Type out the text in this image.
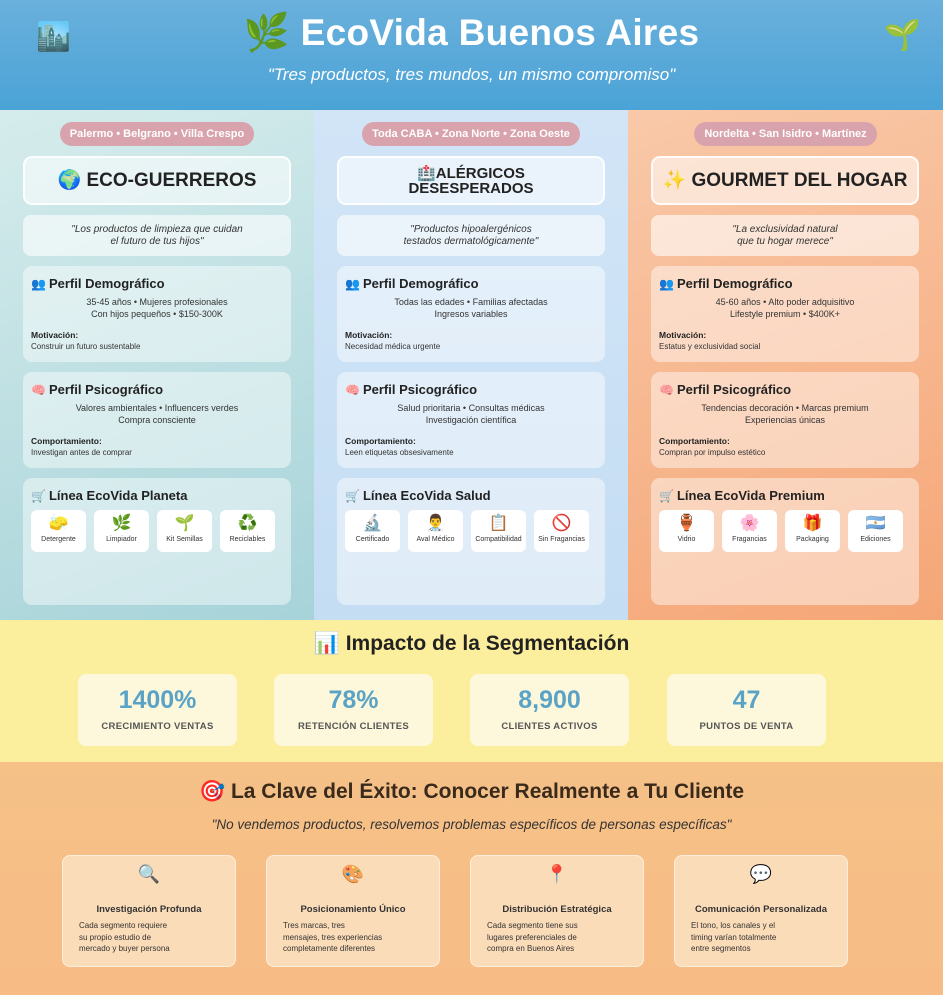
🏙️	🌿 EcoVida Buenos Aires	🌱
"Tres productos, tres mundos, un mismo compromiso"
Palermo • Belgrano • Villa Crespo
🌍 ECO-GUERREROS
"Los productos de limpieza que cuidan
el futuro de tus hijos"
👥 Perfil Demográfico
35-45 años • Mujeres profesionales
Con hijos pequeños • $150-300K
Motivación:
Construir un futuro sustentable
🧠 Perfil Psicográfico
Valores ambientales • Influencers verdes
Compra consciente
Comportamiento:
Investigan antes de comprar
🛒 Línea EcoVida Planeta
🧽
Detergente
🌿
Limpiador
🌱
Kit Semillas
♻️
Reciclables
Toda CABA • Zona Norte • Zona Oeste
🏥ALÉRGICOS
DESESPERADOS
"Productos hipoalergénicos
testados dermatológicamente"
👥 Perfil Demográfico
Todas las edades • Familias afectadas
Ingresos variables
Motivación:
Necesidad médica urgente
🧠 Perfil Psicográfico
Salud prioritaria • Consultas médicas
Investigación científica
Comportamiento:
Leen etiquetas obsesivamente
🛒 Línea EcoVida Salud
🔬
Certificado
👨‍⚕️
Aval Médico
📋
Compatibilidad
🚫
Sin Fragancias
Nordelta • San Isidro • Martínez
✨ GOURMET DEL HOGAR
"La exclusividad natural
que tu hogar merece"
👥 Perfil Demográfico
45-60 años • Alto poder adquisitivo
Lifestyle premium • $400K+
Motivación:
Estatus y exclusividad social
🧠 Perfil Psicográfico
Tendencias decoración • Marcas premium
Experiencias únicas
Comportamiento:
Compran por impulso estético
🛒 Línea EcoVida Premium
🏺
Vidrio
🌸
Fragancias
🎁
Packaging
🇦🇷
Ediciones
📊 Impacto de la Segmentación
1400%
CRECIMIENTO VENTAS
78%
RETENCIÓN CLIENTES
8,900
CLIENTES ACTIVOS
47
PUNTOS DE VENTA
🎯 La Clave del Éxito: Conocer Realmente a Tu Cliente
"No vendemos productos, resolvemos problemas específicos de personas específicas"
🔍
Investigación Profunda
Cada segmento requiere
su propio estudio de
mercado y buyer persona
🎨
Posicionamiento Único
Tres marcas, tres
mensajes, tres experiencias
completamente diferentes
📍
Distribución Estratégica
Cada segmento tiene sus
lugares preferenciales de
compra en Buenos Aires
💬
Comunicación Personalizada
El tono, los canales y el
timing varían totalmente
entre segmentos
